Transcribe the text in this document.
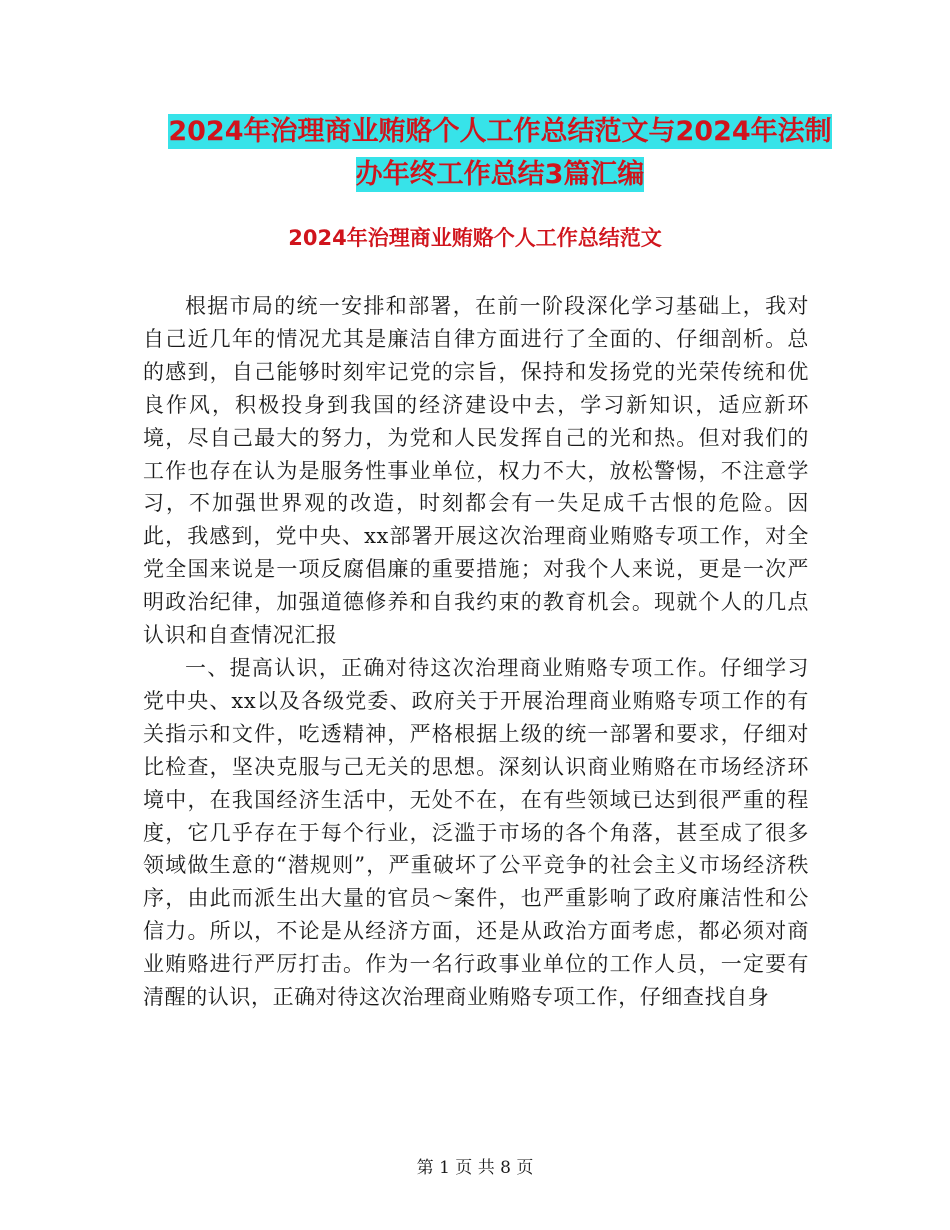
2024年治理商业贿赂个人工作总结范文与2024年法制
办年终工作总结3篇汇编
2024年治理商业贿赂个人工作总结范文

根据市局的统一安排和部署，在前一阶段深化学习基础上，我对自己近几年的情况尤其是廉洁自律方面进行了全面的、仔细剖析。总的感到，自己能够时刻牢记党的宗旨，保持和发扬党的光荣传统和优良作风，积极投身到我国的经济建设中去，学习新知识，适应新环境，尽自己最大的努力，为党和人民发挥自己的光和热。但对我们的工作也存在认为是服务性事业单位，权力不大，放松警惕，不注意学习，不加强世界观的改造，时刻都会有一失足成千古恨的危险。因此，我感到，党中央、xx部署开展这次治理商业贿赂专项工作，对全党全国来说是一项反腐倡廉的重要措施；对我个人来说，更是一次严明政治纪律，加强道德修养和自我约束的教育机会。现就个人的几点认识和自查情况汇报

一、提高认识，正确对待这次治理商业贿赂专项工作。仔细学习党中央、xx以及各级党委、政府关于开展治理商业贿赂专项工作的有关指示和文件，吃透精神，严格根据上级的统一部署和要求，仔细对比检查，坚决克服与己无关的思想。深刻认识商业贿赂在市场经济环境中，在我国经济生活中，无处不在，在有些领域已达到很严重的程度，它几乎存在于每个行业，泛滥于市场的各个角落，甚至成了很多领域做生意的“潜规则”，严重破坏了公平竞争的社会主义市场经济秩序，由此而派生出大量的官员～案件，也严重影响了政府廉洁性和公信力。所以，不论是从经济方面，还是从政治方面考虑，都必须对商业贿赂进行严厉打击。作为一名行政事业单位的工作人员，一定要有清醒的认识，正确对待这次治理商业贿赂专项工作，仔细查找自身

第 1 页 共 8 页
